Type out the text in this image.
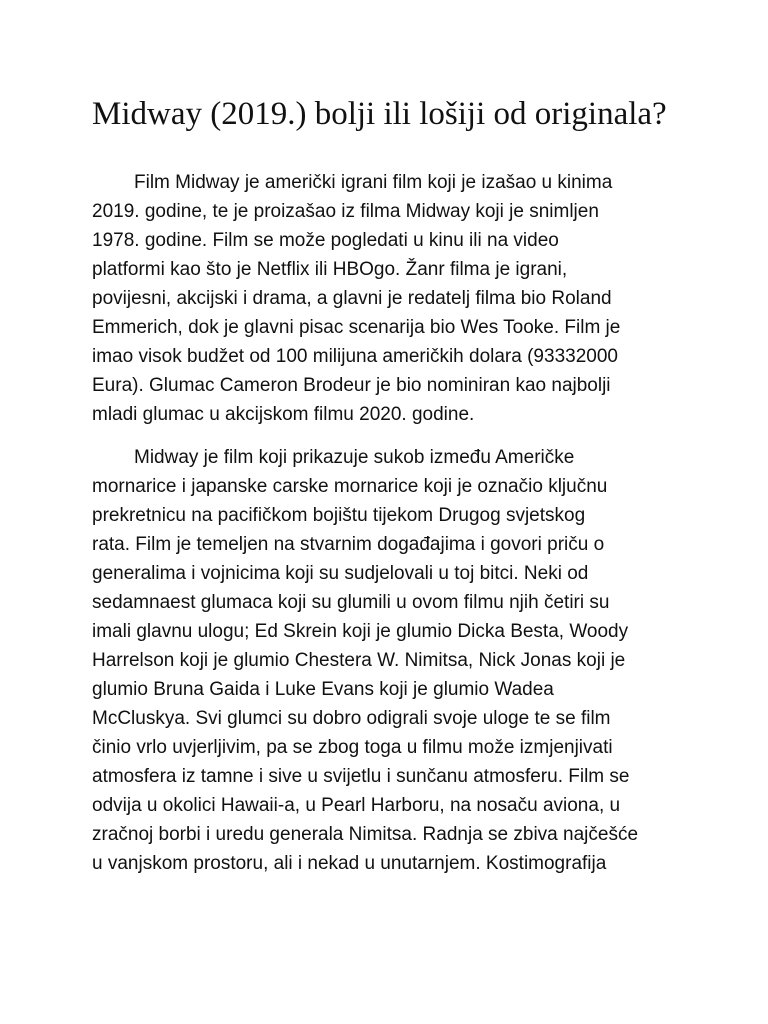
Midway (2019.) bolji ili lošiji od originala?

Film Midway je američki igrani film koji je izašao u kinima
2019. godine, te je proizašao iz filma Midway koji je snimljen
1978. godine. Film se može pogledati u kinu ili na video
platformi kao što je Netflix ili HBOgo. Žanr filma je igrani,
povijesni, akcijski i drama, a glavni je redatelj filma bio Roland
Emmerich, dok je glavni pisac scenarija bio Wes Tooke. Film je
imao visok budžet od 100 milijuna američkih dolara (93332000
Eura). Glumac Cameron Brodeur je bio nominiran kao najbolji
mladi glumac u akcijskom filmu 2020. godine.

Midway je film koji prikazuje sukob između Američke
mornarice i japanske carske mornarice koji je označio ključnu
prekretnicu na pacifičkom bojištu tijekom Drugog svjetskog
rata. Film je temeljen na stvarnim događajima i govori priču o
generalima i vojnicima koji su sudjelovali u toj bitci. Neki od
sedamnaest glumaca koji su glumili u ovom filmu njih četiri su
imali glavnu ulogu; Ed Skrein koji je glumio Dicka Besta, Woody
Harrelson koji je glumio Chestera W. Nimitsa, Nick Jonas koji je
glumio Bruna Gaida i Luke Evans koji je glumio Wadea
McCluskya. Svi glumci su dobro odigrali svoje uloge te se film
činio vrlo uvjerljivim, pa se zbog toga u filmu može izmjenjivati
atmosfera iz tamne i sive u svijetlu i sunčanu atmosferu. Film se
odvija u okolici Hawaii-a, u Pearl Harboru, na nosaču aviona, u
zračnoj borbi i uredu generala Nimitsa. Radnja se zbiva najčešće
u vanjskom prostoru, ali i nekad u unutarnjem. Kostimografija
